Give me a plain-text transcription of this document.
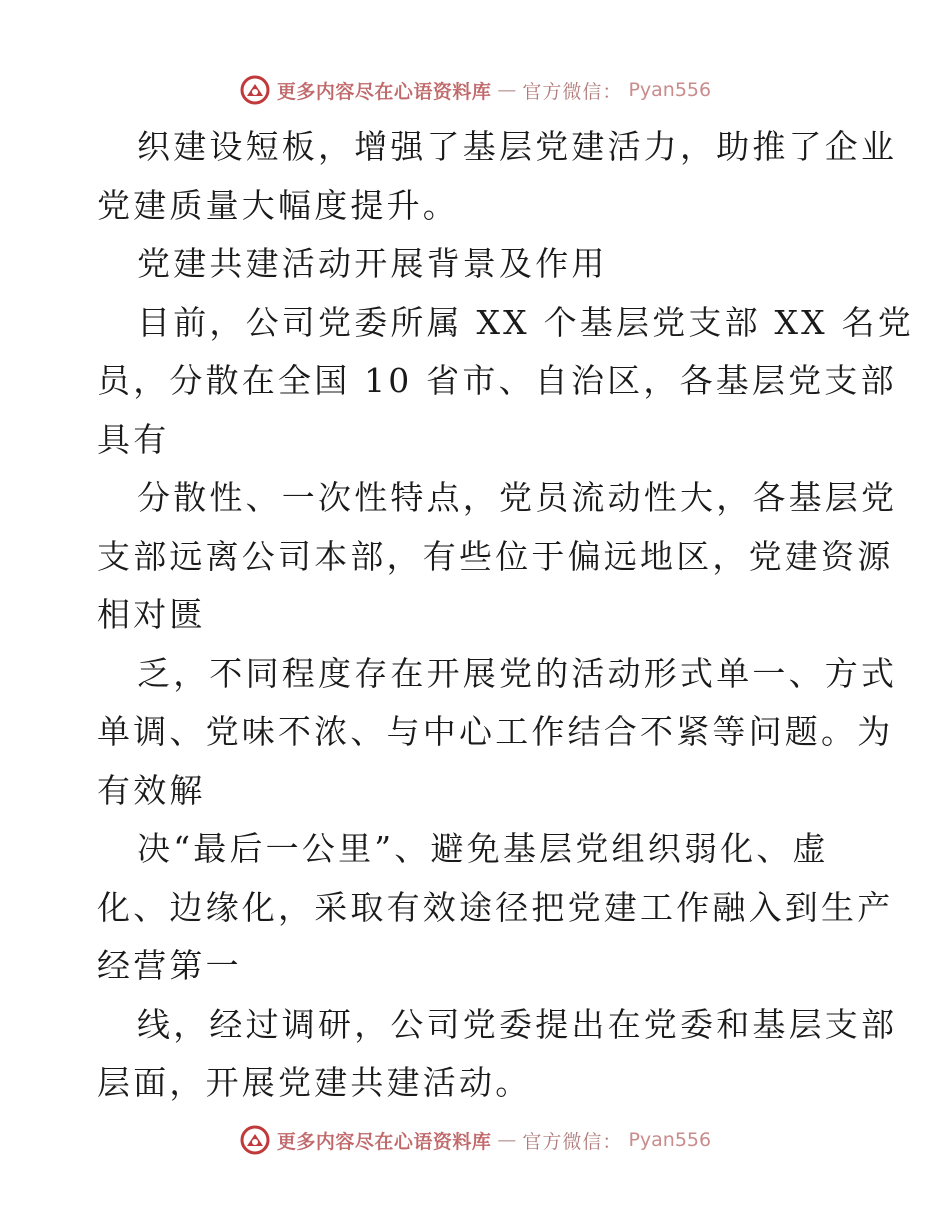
更多内容尽在心语资料库 — 官方微信： Pyan556
织建设短板，增强了基层党建活力，助推了企业
党建质量大幅度提升。
党建共建活动开展背景及作用
目前，公司党委所属 XX 个基层党支部 XX 名党
员，分散在全国 10 省市、自治区，各基层党支部
具有
分散性、一次性特点，党员流动性大，各基层党
支部远离公司本部，有些位于偏远地区，党建资源
相对匮
乏，不同程度存在开展党的活动形式单一、方式
单调、党味不浓、与中心工作结合不紧等问题。为
有效解
决“最后一公里”、避免基层党组织弱化、虚
化、边缘化，采取有效途径把党建工作融入到生产
经营第一
线，经过调研，公司党委提出在党委和基层支部
层面，开展党建共建活动。
更多内容尽在心语资料库 — 官方微信： Pyan556
